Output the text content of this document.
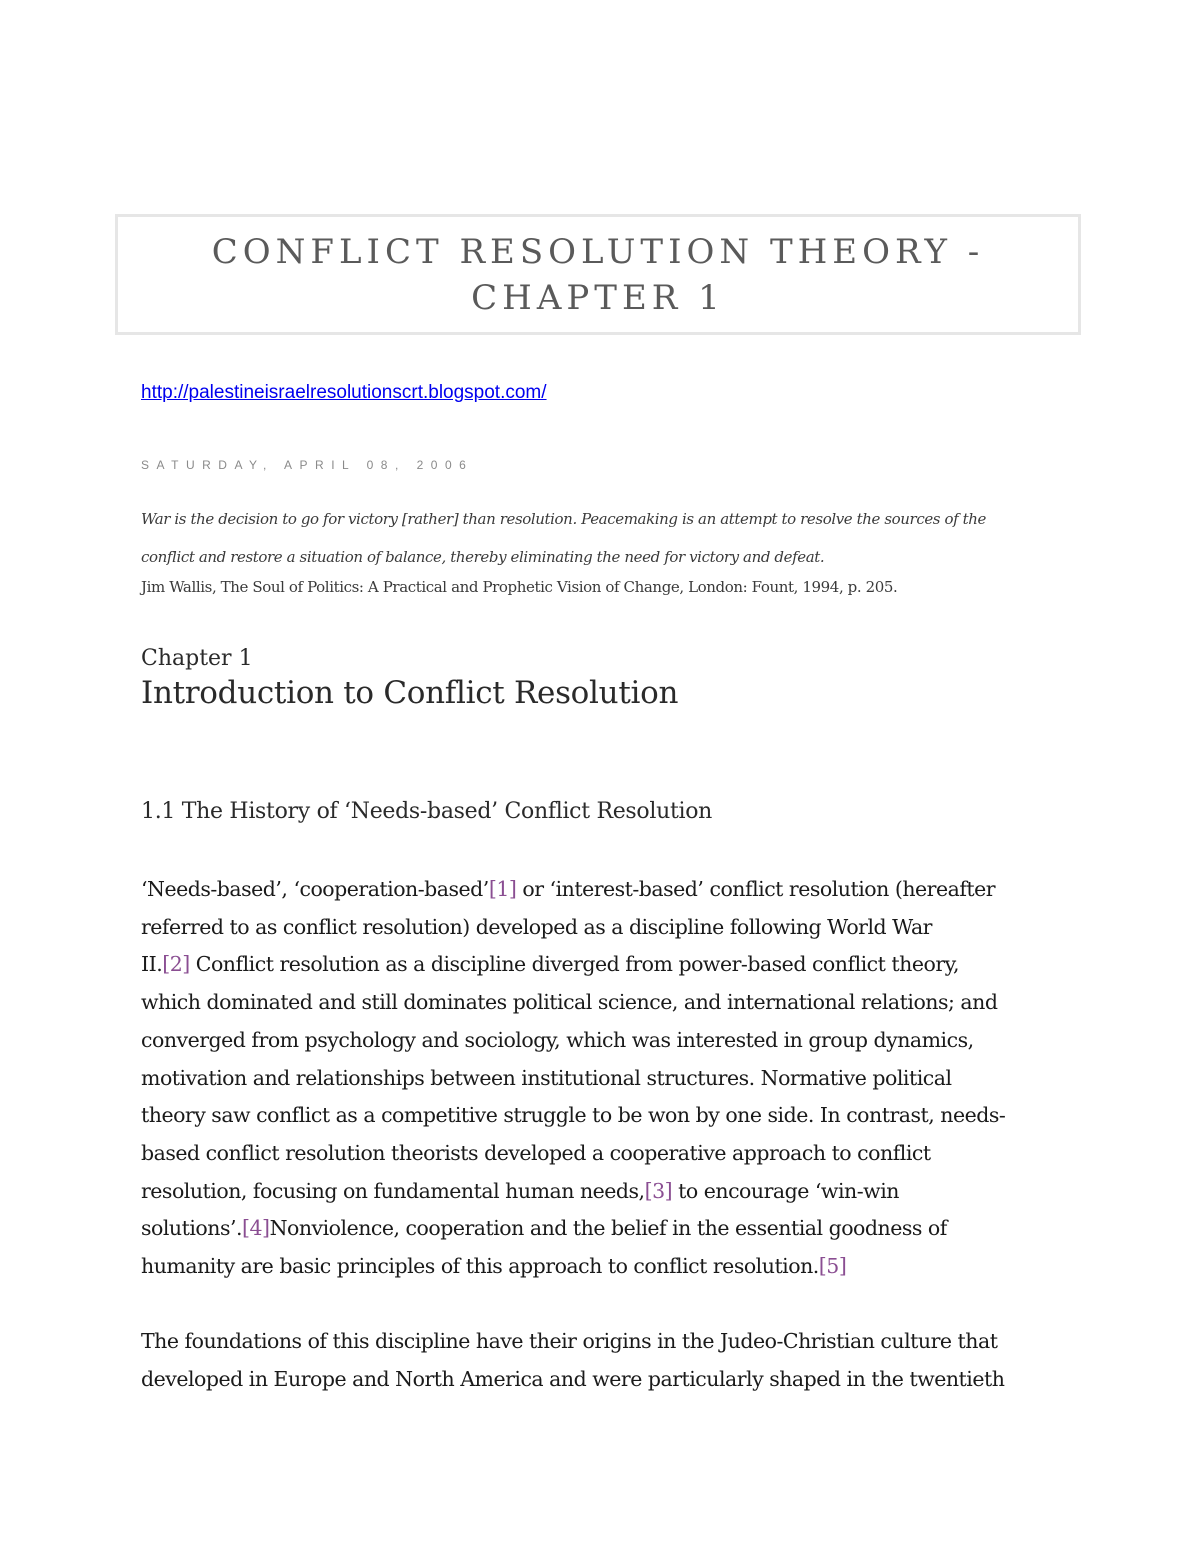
CONFLICT RESOLUTION THEORY -
CHAPTER 1
http://palestineisraelresolutionscrt.blogspot.com/
SATURDAY, APRIL 08, 2006
War is the decision to go for victory [rather] than resolution. Peacemaking is an attempt to resolve the sources of the
conflict and restore a situation of balance, thereby eliminating the need for victory and defeat.
Jim Wallis, The Soul of Politics: A Practical and Prophetic Vision of Change, London: Fount, 1994, p. 205.
Chapter 1
Introduction to Conflict Resolution
1.1 The History of ‘Needs-based’ Conflict Resolution
‘Needs-based’, ‘cooperation-based’[1] or ‘interest-based’ conflict resolution (hereafter
referred to as conflict resolution) developed as a discipline following World War
II.[2] Conflict resolution as a discipline diverged from power-based conflict theory,
which dominated and still dominates political science, and international relations; and
converged from psychology and sociology, which was interested in group dynamics,
motivation and relationships between institutional structures. Normative political
theory saw conflict as a competitive struggle to be won by one side. In contrast, needs-
based conflict resolution theorists developed a cooperative approach to conflict
resolution, focusing on fundamental human needs,[3] to encourage ‘win-win
solutions’.[4]Nonviolence, cooperation and the belief in the essential goodness of
humanity are basic principles of this approach to conflict resolution.[5]
The foundations of this discipline have their origins in the Judeo-Christian culture that
developed in Europe and North America and were particularly shaped in the twentieth
